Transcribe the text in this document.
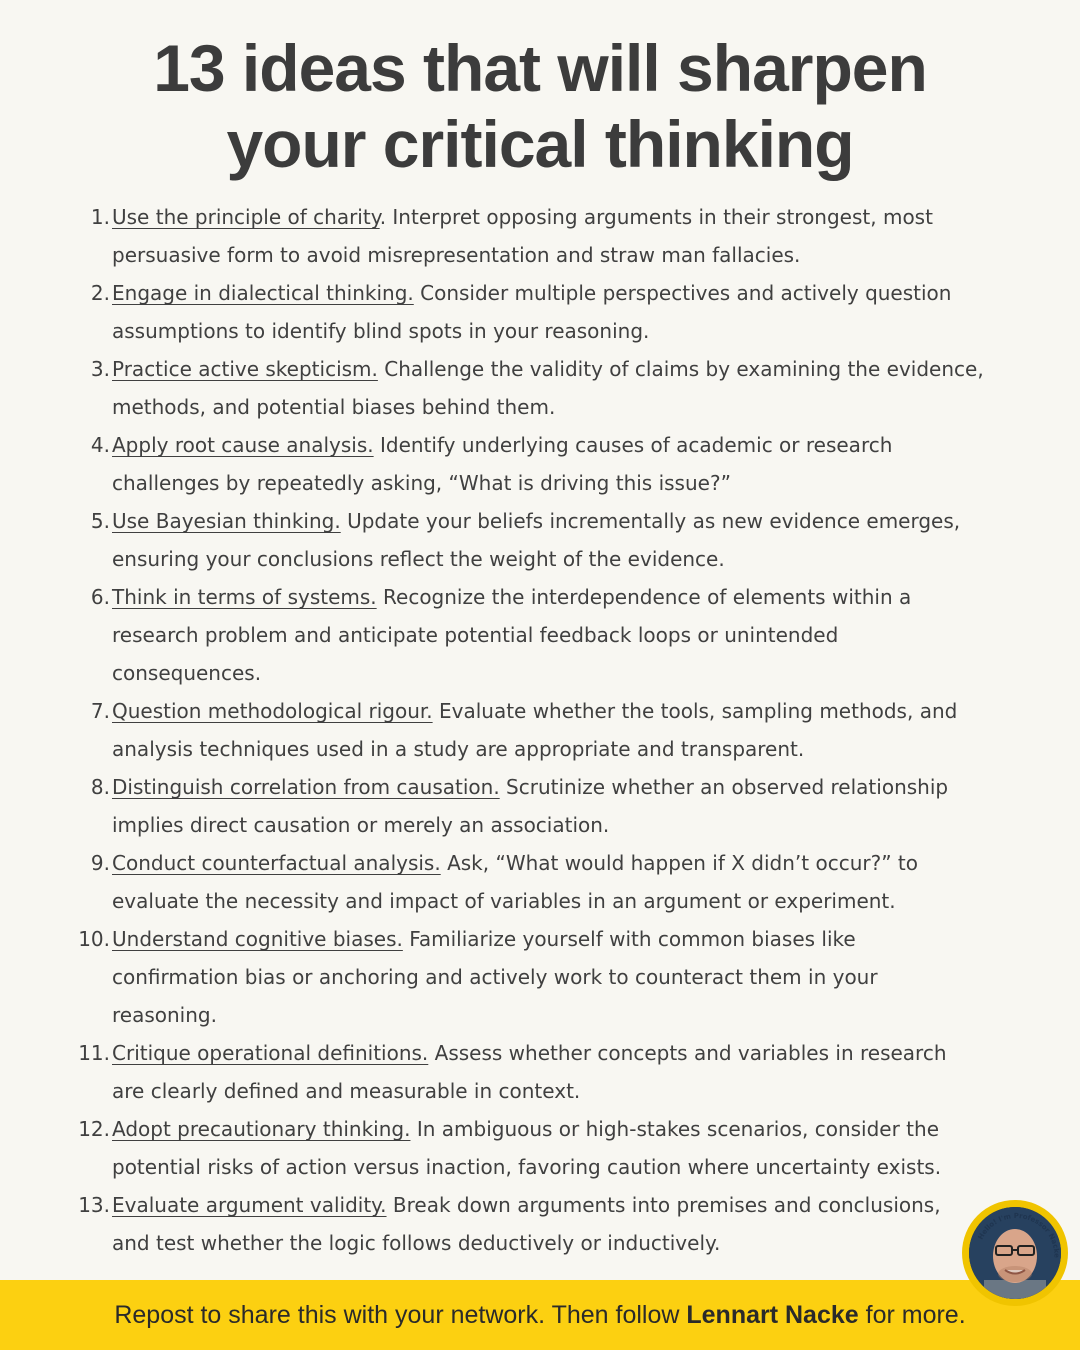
13 ideas that will sharpen
your critical thinking
1. Use the principle of charity. Interpret opposing arguments in their strongest, most persuasive form to avoid misrepresentation and straw man fallacies.
2. Engage in dialectical thinking. Consider multiple perspectives and actively question assumptions to identify blind spots in your reasoning.
3. Practice active skepticism. Challenge the validity of claims by examining the evidence, methods, and potential biases behind them.
4. Apply root cause analysis. Identify underlying causes of academic or research challenges by repeatedly asking, “What is driving this issue?”
5. Use Bayesian thinking. Update your beliefs incrementally as new evidence emerges, ensuring your conclusions reflect the weight of the evidence.
6. Think in terms of systems. Recognize the interdependence of elements within a research problem and anticipate potential feedback loops or unintended consequences.
7. Question methodological rigour. Evaluate whether the tools, sampling methods, and analysis techniques used in a study are appropriate and transparent.
8. Distinguish correlation from causation. Scrutinize whether an observed relationship implies direct causation or merely an association.
9. Conduct counterfactual analysis. Ask, “What would happen if X didn’t occur?” to evaluate the necessity and impact of variables in an argument or experiment.
10. Understand cognitive biases. Familiarize yourself with common biases like confirmation bias or anchoring and actively work to counteract them in your reasoning.
11. Critique operational definitions. Assess whether concepts and variables in research are clearly defined and measurable in context.
12. Adopt precautionary thinking. In ambiguous or high-stakes scenarios, consider the potential risks of action versus inaction, favoring caution where uncertainty exists.
13. Evaluate argument validity. Break down arguments into premises and conclusions, and test whether the logic follows deductively or inductively.	Hello! I'm Professor Nacke
Repost to share this with your network. Then follow Lennart Nacke for more.
